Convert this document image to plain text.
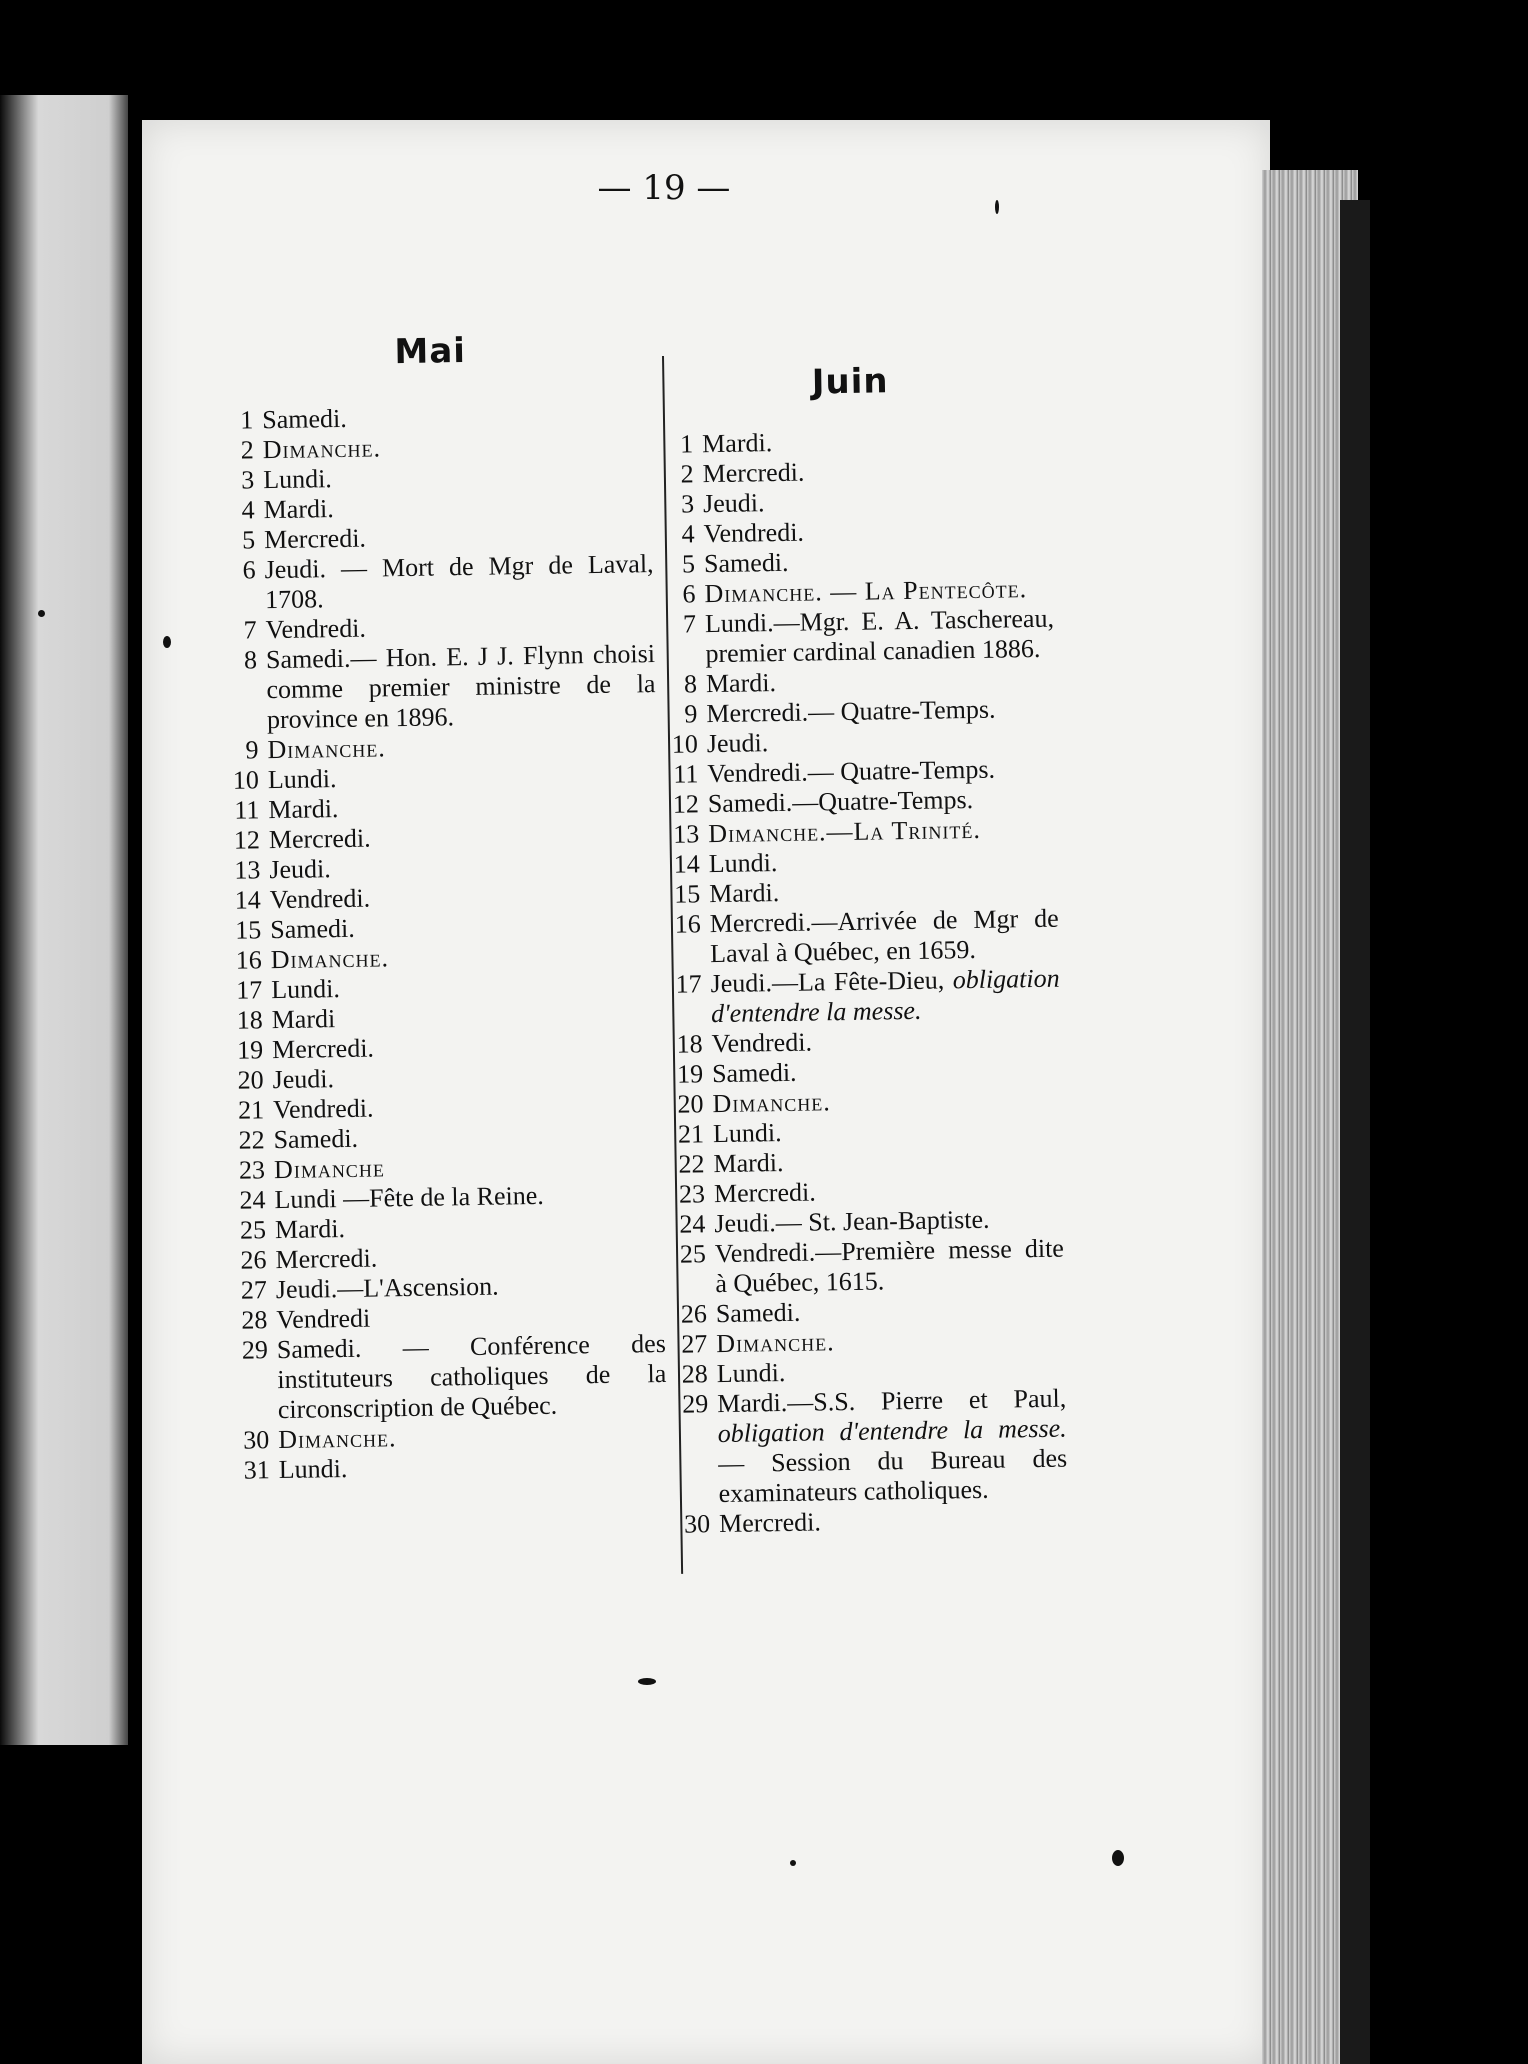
— 19 —
Mai
1 Samedi.
2 Dimanche.
3 Lundi.
4 Mardi.
5 Mercredi.
6 Jeudi. — Mort de Mgr de Laval, 1708.
7 Vendredi.
8 Samedi.— Hon. E. J J. Flynn choisi comme premier ministre de la province en 1896.
9 Dimanche.
10 Lundi.
11 Mardi.
12 Mercredi.
13 Jeudi.
14 Vendredi.
15 Samedi.
16 Dimanche.
17 Lundi.
18 Mardi
19 Mercredi.
20 Jeudi.
21 Vendredi.
22 Samedi.
23 Dimanche
24 Lundi —Fête de la Reine.
25 Mardi.
26 Mercredi.
27 Jeudi.—L'Ascension.
28 Vendredi
29 Samedi. — Conférence des instituteurs catholiques de la circonscription de Québec.
30 Dimanche.
31 Lundi.
Juin
1 Mardi.
2 Mercredi.
3 Jeudi.
4 Vendredi.
5 Samedi.
6 Dimanche. — La Pentecôte.
7 Lundi.—Mgr. E. A. Taschereau, premier cardinal canadien 1886.
8 Mardi.
9 Mercredi.— Quatre-Temps.
10 Jeudi.
11 Vendredi.— Quatre-Temps.
12 Samedi.—Quatre-Temps.
13 Dimanche.—La Trinité.
14 Lundi.
15 Mardi.
16 Mercredi.—Arrivée de Mgr de Laval à Québec, en 1659.
17 Jeudi.—La Fête-Dieu, obligation d'entendre la messe.
18 Vendredi.
19 Samedi.
20 Dimanche.
21 Lundi.
22 Mardi.
23 Mercredi.
24 Jeudi.— St. Jean-Baptiste.
25 Vendredi.—Première messe dite à Québec, 1615.
26 Samedi.
27 Dimanche.
28 Lundi.
29 Mardi.—S.S. Pierre et Paul, obligation d'entendre la messe.— Session du Bureau des examinateurs catholiques.
30 Mercredi.
